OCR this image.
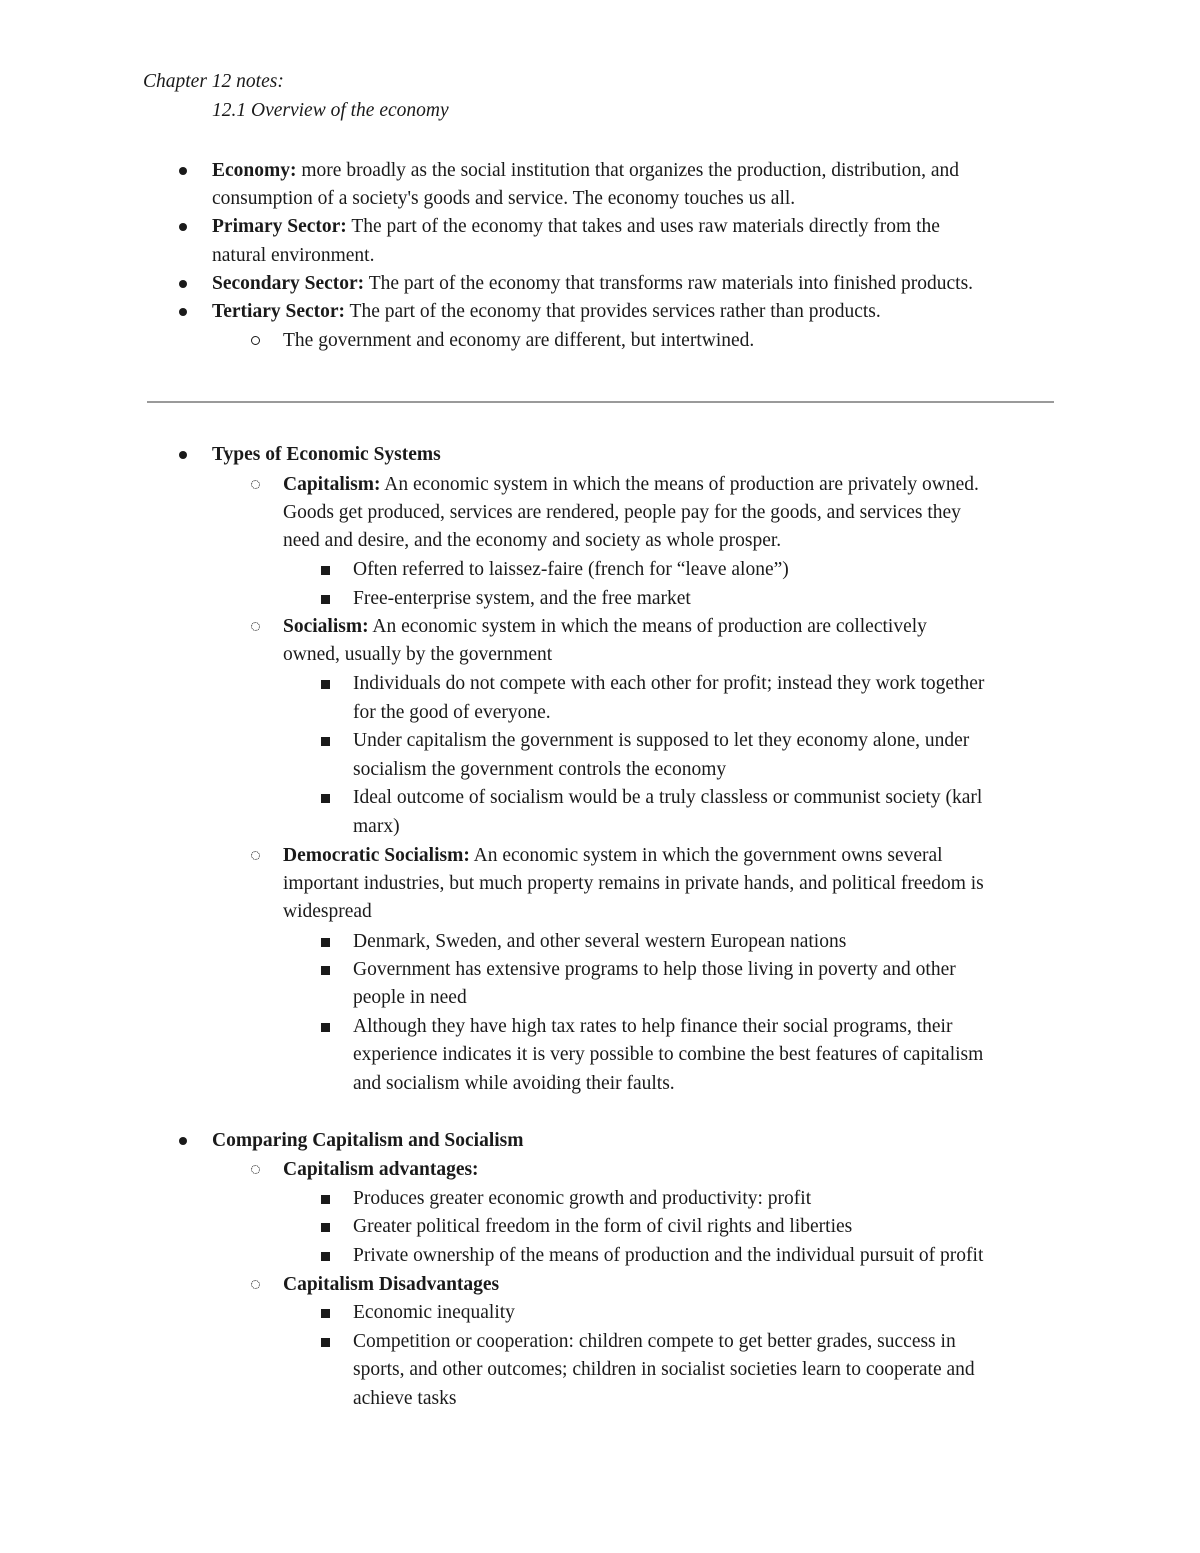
Chapter 12 notes:
12.1 Overview of the economy
Economy: more broadly as the social institution that organizes the production, distribution, and
consumption of a society's goods and service. The economy touches us all.
Primary Sector: The part of the economy that takes and uses raw materials directly from the
natural environment.
Secondary Sector: The part of the economy that transforms raw materials into finished products.
Tertiary Sector: The part of the economy that provides services rather than products.
The government and economy are different, but intertwined.
Types of Economic Systems
Capitalism: An economic system in which the means of production are privately owned.
Goods get produced, services are rendered, people pay for the goods, and services they
need and desire, and the economy and society as whole prosper.
Often referred to laissez-faire (french for “leave alone”)
Free-enterprise system, and the free market
Socialism: An economic system in which the means of production are collectively
owned, usually by the government
Individuals do not compete with each other for profit; instead they work together
for the good of everyone.
Under capitalism the government is supposed to let they economy alone, under
socialism the government controls the economy
Ideal outcome of socialism would be a truly classless or communist society (karl
marx)
Democratic Socialism: An economic system in which the government owns several
important industries, but much property remains in private hands, and political freedom is
widespread
Denmark, Sweden, and other several western European nations
Government has extensive programs to help those living in poverty and other
people in need
Although they have high tax rates to help finance their social programs, their
experience indicates it is very possible to combine the best features of capitalism
and socialism while avoiding their faults.
Comparing Capitalism and Socialism
Capitalism advantages:
Produces greater economic growth and productivity: profit
Greater political freedom in the form of civil rights and liberties
Private ownership of the means of production and the individual pursuit of profit
Capitalism Disadvantages
Economic inequality
Competition or cooperation: children compete to get better grades, success in
sports, and other outcomes; children in socialist societies learn to cooperate and
achieve tasks
